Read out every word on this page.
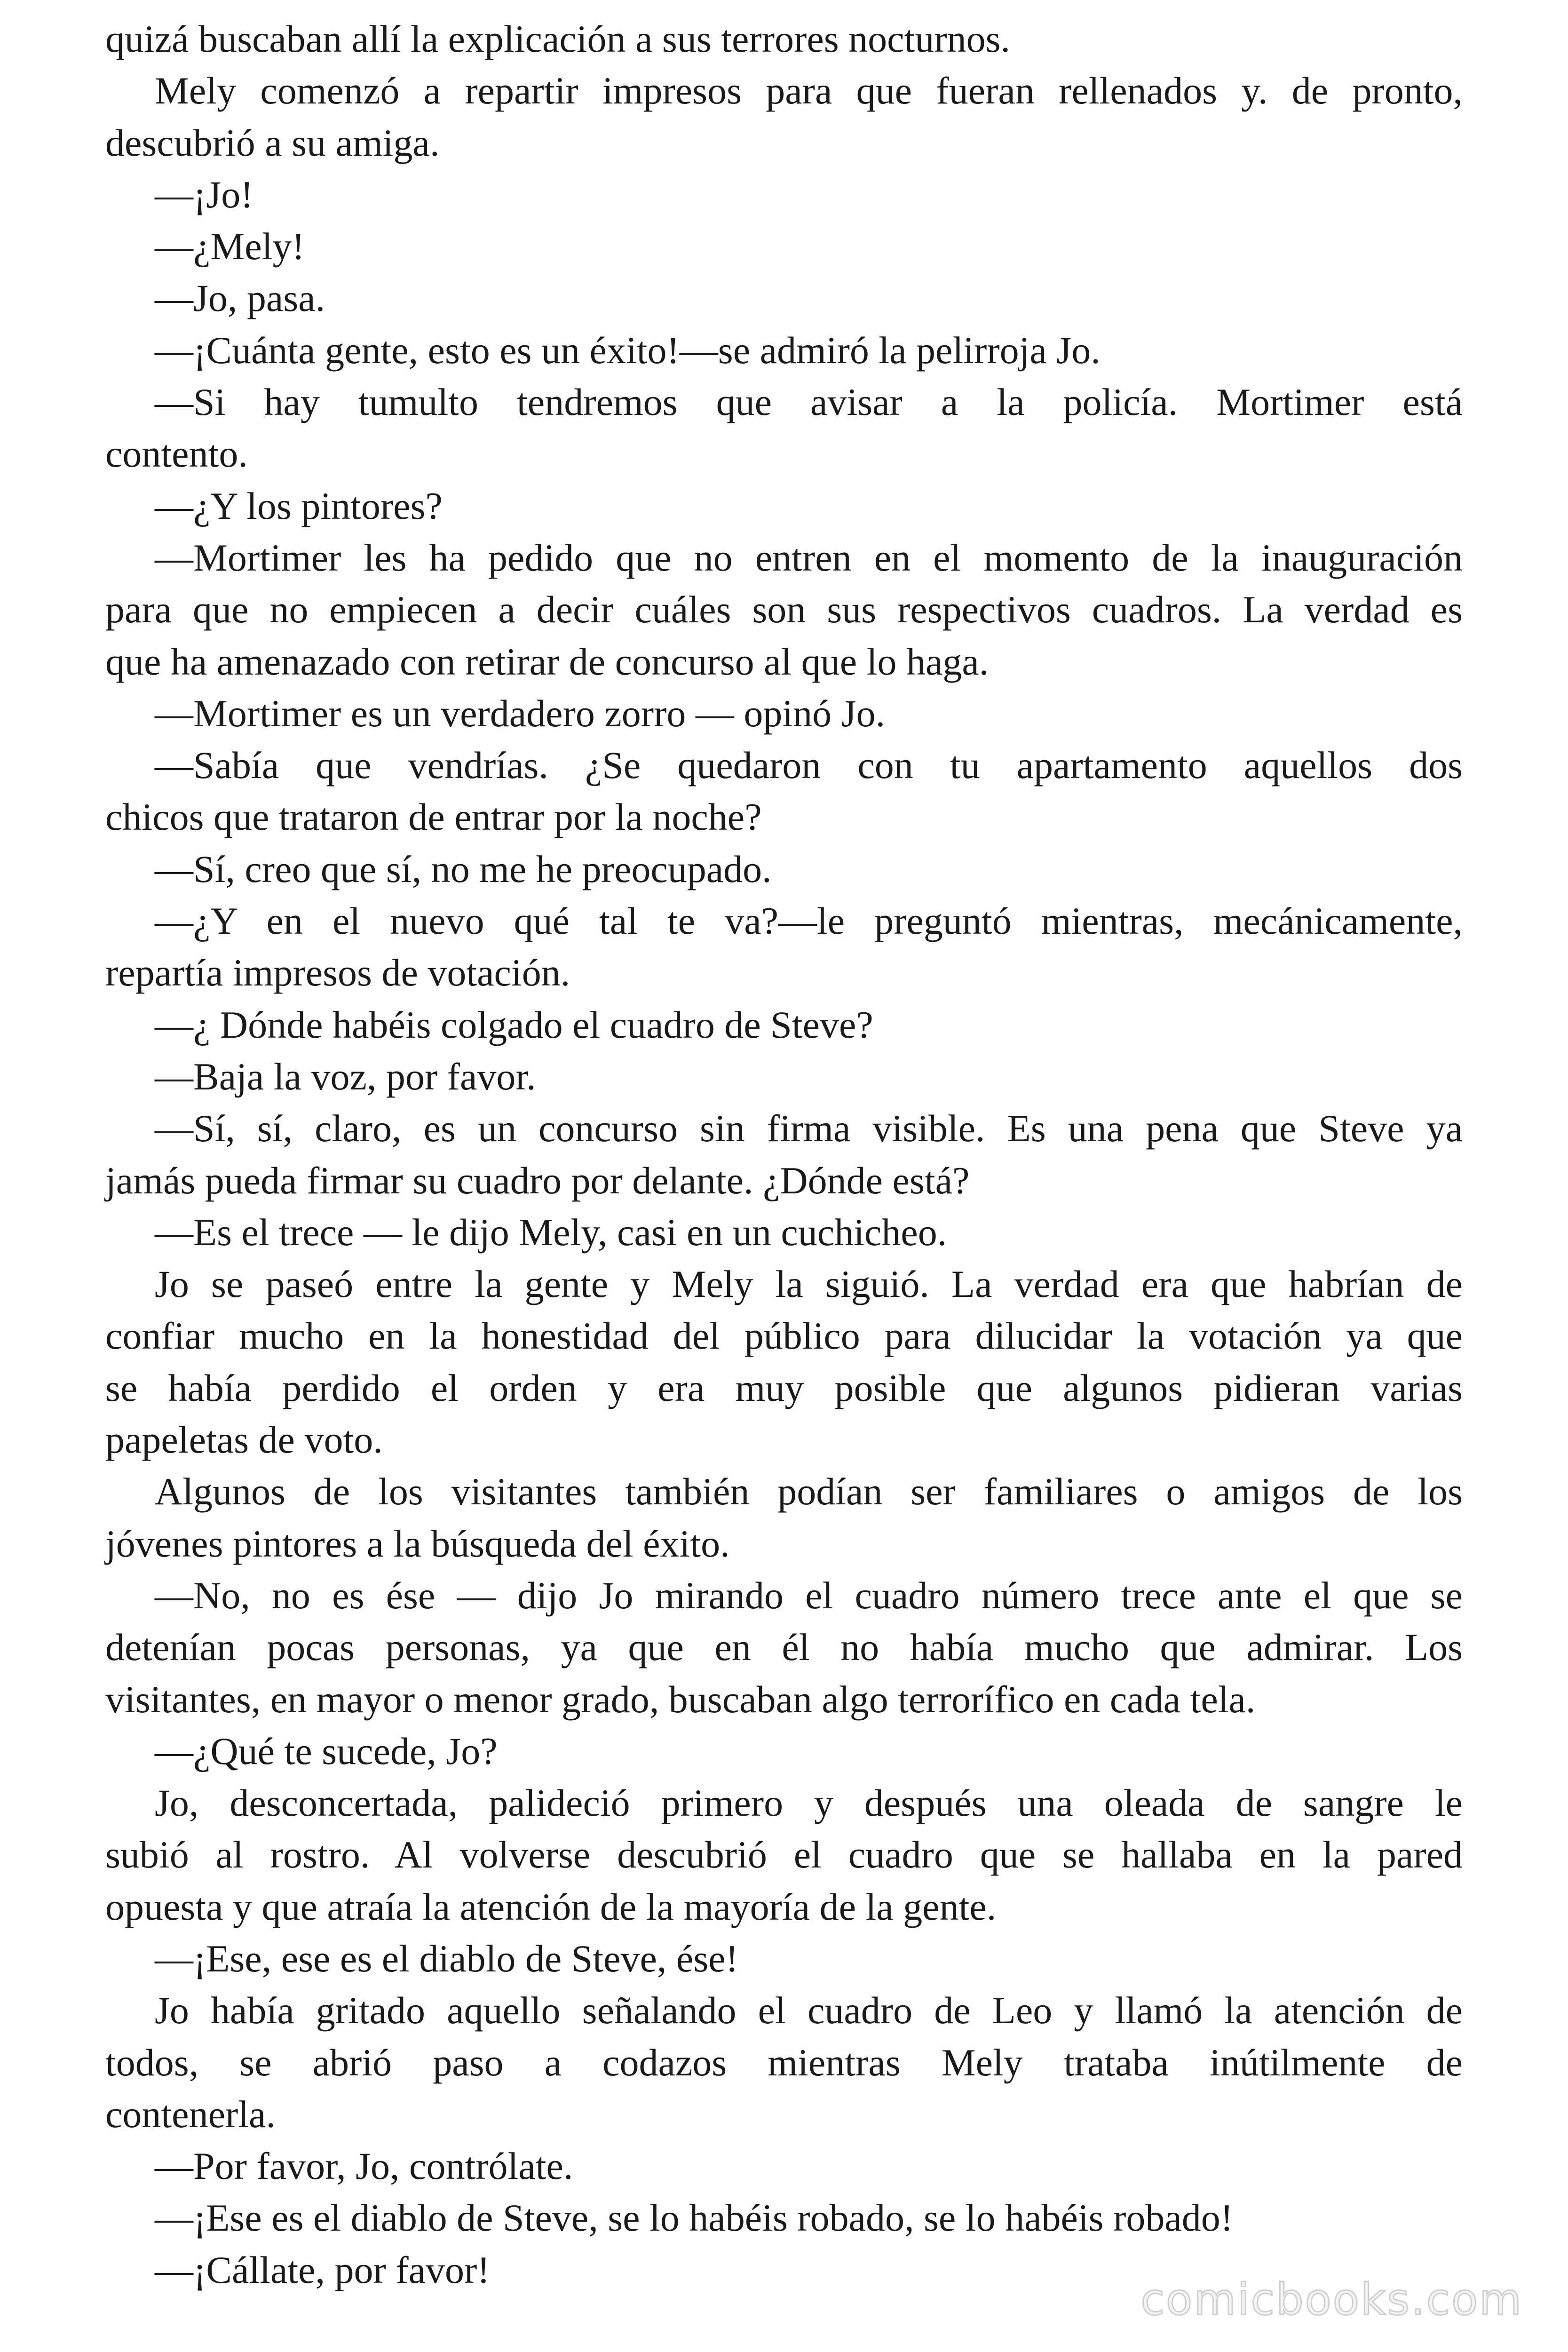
quizá buscaban allí la explicación a sus terrores nocturnos.
Mely comenzó a repartir impresos para que fueran rellenados y. de pronto,
descubrió a su amiga.
—¡Jo!
—¿Mely!
—Jo, pasa.
—¡Cuánta gente, esto es un éxito!—se admiró la pelirroja Jo.
—Si hay tumulto tendremos que avisar a la policía. Mortimer está
contento.
—¿Y los pintores?
—Mortimer les ha pedido que no entren en el momento de la inauguración
para que no empiecen a decir cuáles son sus respectivos cuadros. La verdad es
que ha amenazado con retirar de concurso al que lo haga.
—Mortimer es un verdadero zorro — opinó Jo.
—Sabía que vendrías. ¿Se quedaron con tu apartamento aquellos dos
chicos que trataron de entrar por la noche?
—Sí, creo que sí, no me he preocupado.
—¿Y en el nuevo qué tal te va?—le preguntó mientras, mecánicamente,
repartía impresos de votación.
—¿ Dónde habéis colgado el cuadro de Steve?
—Baja la voz, por favor.
—Sí, sí, claro, es un concurso sin firma visible. Es una pena que Steve ya
jamás pueda firmar su cuadro por delante. ¿Dónde está?
—Es el trece — le dijo Mely, casi en un cuchicheo.
Jo se paseó entre la gente y Mely la siguió. La verdad era que habrían de
confiar mucho en la honestidad del público para dilucidar la votación ya que
se había perdido el orden y era muy posible que algunos pidieran varias
papeletas de voto.
Algunos de los visitantes también podían ser familiares o amigos de los
jóvenes pintores a la búsqueda del éxito.
—No, no es ése — dijo Jo mirando el cuadro número trece ante el que se
detenían pocas personas, ya que en él no había mucho que admirar. Los
visitantes, en mayor o menor grado, buscaban algo terrorífico en cada tela.
—¿Qué te sucede, Jo?
Jo, desconcertada, palideció primero y después una oleada de sangre le
subió al rostro. Al volverse descubrió el cuadro que se hallaba en la pared
opuesta y que atraía la atención de la mayoría de la gente.
—¡Ese, ese es el diablo de Steve, ése!
Jo había gritado aquello señalando el cuadro de Leo y llamó la atención de
todos, se abrió paso a codazos mientras Mely trataba inútilmente de
contenerla.
—Por favor, Jo, contrólate.
—¡Ese es el diablo de Steve, se lo habéis robado, se lo habéis robado!
—¡Cállate, por favor!
comicbooks.com
